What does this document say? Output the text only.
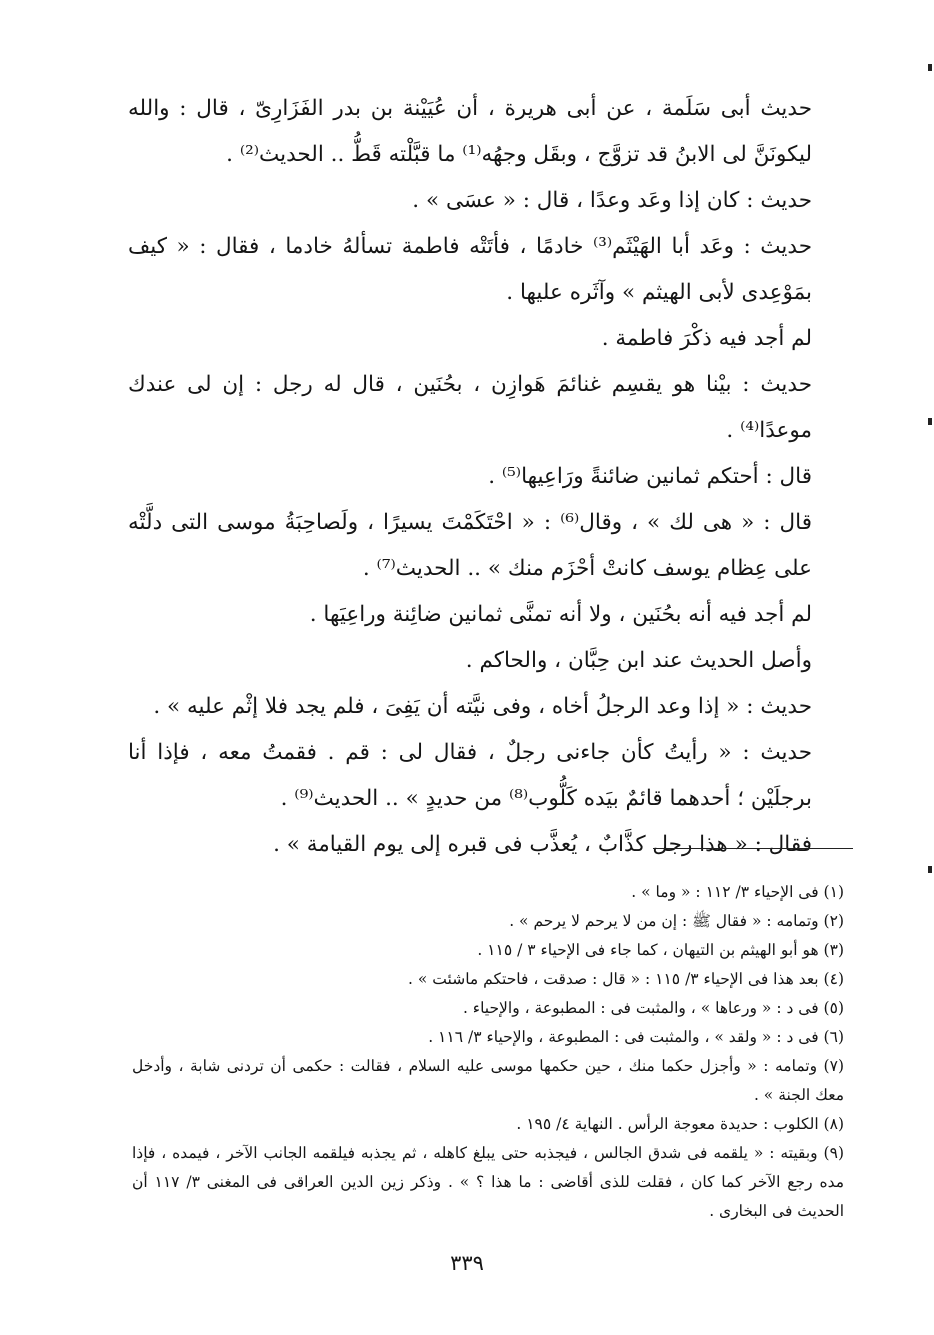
حديث أبى سَلَمة ، عن أبى هريرة ، أن عُيَيْنة بن بدر الفَزَارِىّ ، قال : والله ليكونَنَّ لى الابنُ قد تزوَّج ، وبقَل وجهُه⁽¹⁾ ما قبَّلْته قَطُّ .. الحديث⁽²⁾ .

حديث : كان إذا وعَد وعدًا ، قال : « عسَى » .

حديث : وعَد أبا الهَيْثَم⁽³⁾ خادمًا ، فأتَتْه فاطمة تسألهُ خادما ، فقال : « كيف بمَوْعِدى لأبى الهيثم » وآثَره عليها .

لم أجد فيه ذكْرَ فاطمة .

حديث : بيْنا هو يقسِم غنائمَ هَوازِن ، بحُنَين ، قال له رجل : إن لى عندك موعدًا⁽⁴⁾ .

قال : أحتكم ثمانين ضائنةً ورَاعِيها⁽⁵⁾ .

قال : « هى لك » ، وقال⁽⁶⁾ : « احْتَكَمْتَ يسيرًا ، ولَصاحِبَةُ موسى التى دلَّتْه على عِظام يوسف كانتْ أحْزَم منك » .. الحديث⁽⁷⁾ .

لم أجد فيه أنه بحُنَين ، ولا أنه تمنَّى ثمانين ضائِنة وراعِيَها .

وأصل الحديث عند ابن حِبَّان ، والحاكم .

حديث : « إذا وعد الرجلُ أخاه ، وفى نيَّته أن يَفِىَ ، فلم يجد فلا إثْم عليه » .

حديث : « رأيتُ كأن جاءنى رجلٌ ، فقال لى : قم . فقمتُ معه ، فإذا أنا برجلَيْن ؛ أحدهما قائمٌ بيَده كَلُّوب⁽⁸⁾ من حديدٍ » .. الحديث⁽⁹⁾ .

فقال : « هذا رجل كذَّابٌ ، يُعذَّب فى قبره إلى يوم القيامة » .

(١) فى الإحياء ٣/ ١١٢ : « وما » .

(٢) وتمامه : « فقال ﷺ : إن من لا يرحم لا يرحم » .

(٣) هو أبو الهيثم بن التيهان ، كما جاء فى الإحياء ٣ / ١١٥ .

(٤) بعد هذا فى الإحياء ٣/ ١١٥ : « قال : صدقت ، فاحتكم ماشئت » .

(٥) فى د : « ورعاها » ، والمثبت فى : المطبوعة ، والإحياء .

(٦) فى د : « ولقد » ، والمثبت فى : المطبوعة ، والإحياء ٣/ ١١٦ .

(٧) وتمامه : « وأجزل حكما منك ، حين حكمها موسى عليه السلام ، فقالت : حكمى أن تردنى شابة ، وأدخل معك الجنة » .

(٨) الكلوب : حديدة معوجة الرأس . النهاية ٤/ ١٩٥ .

(٩) وبقيته : « يلقمه فى شدق الجالس ، فيجذبه حتى يبلغ كاهله ، ثم يجذبه فيلقمه الجانب الآخر ، فيمده ، فإذا مده رجع الآخر كما كان ، فقلت للذى أقاضى : ما هذا ؟ » . وذكر زين الدين العراقى فى المغنى ٣/ ١١٧ أن الحديث فى البخارى .

٣٣٩
